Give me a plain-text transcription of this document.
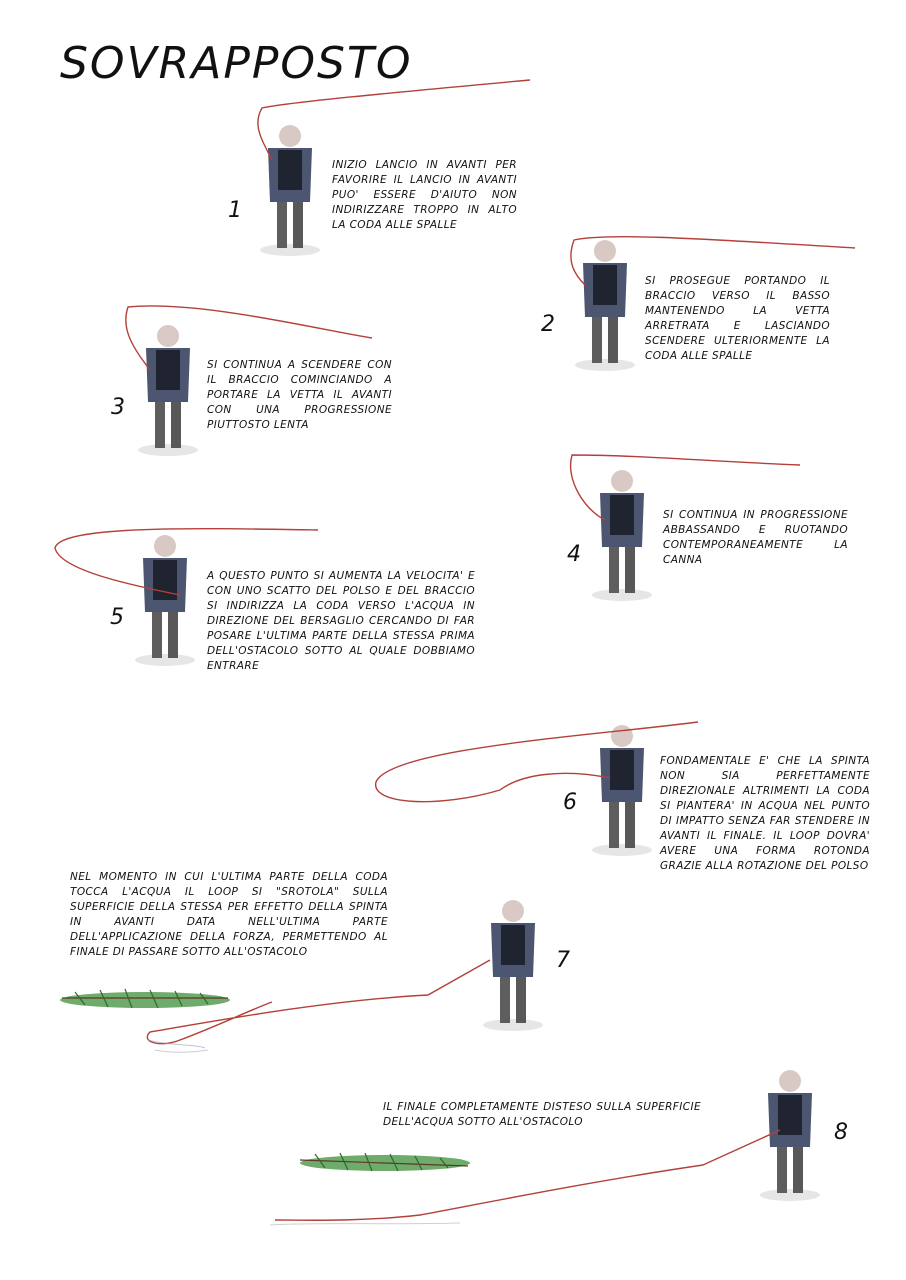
SOVRAPPOSTO
1
2
3
4
5
6
7
8
INIZIO LANCIO IN AVANTI PER FAVORIRE IL LANCIO IN AVANTI PUO' ESSERE D'AIUTO NON INDIRIZZARE TROPPO IN ALTO LA CODA ALLE SPALLE
SI PROSEGUE PORTANDO IL BRACCIO VERSO IL BASSO MANTENENDO LA VETTA ARRETRATA E LASCIANDO SCENDERE ULTERIORMENTE LA CODA ALLE SPALLE
SI CONTINUA A SCENDERE CON IL BRACCIO COMINCIANDO A PORTARE LA VETTA IL AVANTI CON UNA PROGRESSIONE PIUTTOSTO LENTA
SI CONTINUA IN PROGRESSIONE ABBASSANDO E RUOTANDO CONTEMPORANEAMENTE LA CANNA
A QUESTO PUNTO SI AUMENTA LA VELOCITA' E CON UNO SCATTO DEL POLSO E DEL BRACCIO SI INDIRIZZA LA CODA VERSO L'ACQUA IN DIREZIONE DEL BERSAGLIO CERCANDO DI FAR POSARE L'ULTIMA PARTE DELLA STESSA PRIMA DELL'OSTACOLO SOTTO AL QUALE DOBBIAMO ENTRARE
FONDAMENTALE E' CHE LA SPINTA NON SIA PERFETTAMENTE DIREZIONALE ALTRIMENTI LA CODA SI PIANTERA' IN ACQUA NEL PUNTO DI IMPATTO SENZA FAR STENDERE IN AVANTI IL FINALE. IL LOOP DOVRA' AVERE UNA FORMA ROTONDA GRAZIE ALLA ROTAZIONE DEL POLSO
NEL MOMENTO IN CUI L'ULTIMA PARTE DELLA CODA TOCCA L'ACQUA IL LOOP SI "SROTOLA" SULLA SUPERFICIE DELLA STESSA PER EFFETTO DELLA SPINTA IN AVANTI DATA NELL'ULTIMA PARTE DELL'APPLICAZIONE DELLA FORZA, PERMETTENDO AL FINALE DI PASSARE SOTTO ALL'OSTACOLO
IL FINALE COMPLETAMENTE DISTESO SULLA SUPERFICIE DELL'ACQUA SOTTO ALL'OSTACOLO
